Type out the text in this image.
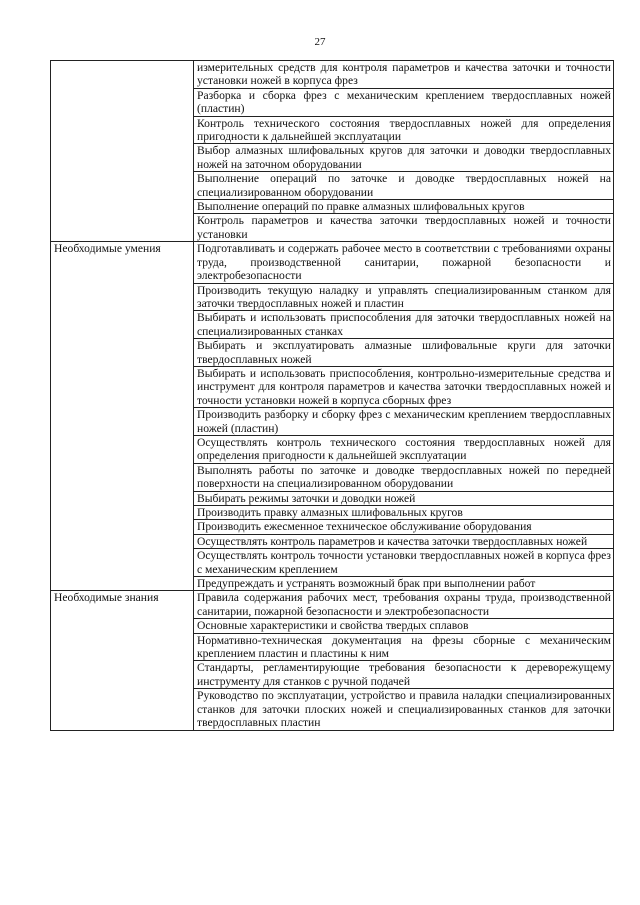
27
	измерительных средств для контроля параметров и качества заточки и точности установки ножей в корпуса фрез
	Разборка и сборка фрез с механическим креплением твердосплавных ножей (пластин)
	Контроль технического состояния твердосплавных ножей для определения пригодности к дальнейшей эксплуатации
	Выбор алмазных шлифовальных кругов для заточки и доводки твердосплавных ножей на заточном оборудовании
	Выполнение операций по заточке и доводке твердосплавных ножей на специализированном оборудовании
	Выполнение операций по правке алмазных шлифовальных кругов
	Контроль параметров и качества заточки твердосплавных ножей и точности установки
Необходимые умения	Подготавливать и содержать рабочее место в соответствии с требованиями охраны труда, производственной санитарии, пожарной безопасности и электробезопасности
	Производить текущую наладку и управлять специализированным станком для заточки твердосплавных ножей и пластин
	Выбирать и использовать приспособления для заточки твердосплавных ножей на специализированных станках
	Выбирать и эксплуатировать алмазные шлифовальные круги для заточки твердосплавных ножей
	Выбирать и использовать приспособления, контрольно-измерительные средства и инструмент для контроля параметров и качества заточки твердосплавных ножей и точности установки ножей в корпуса сборных фрез
	Производить разборку и сборку фрез с механическим креплением твердосплавных ножей (пластин)
	Осуществлять контроль технического состояния твердосплавных ножей для определения пригодности к дальнейшей эксплуатации
	Выполнять работы по заточке и доводке твердосплавных ножей по передней поверхности на специализированном оборудовании
	Выбирать режимы заточки и доводки ножей
	Производить правку алмазных шлифовальных кругов
	Производить ежесменное техническое обслуживание оборудования
	Осуществлять контроль параметров и качества заточки твердосплавных ножей
	Осуществлять контроль точности установки твердосплавных ножей в корпуса фрез с механическим креплением
	Предупреждать и устранять возможный брак при выполнении работ
Необходимые знания	Правила содержания рабочих мест, требования охраны труда, производственной санитарии, пожарной безопасности и электробезопасности
	Основные характеристики и свойства твердых сплавов
	Нормативно-техническая документация на фрезы сборные с механическим креплением пластин и пластины к ним
	Стандарты, регламентирующие требования безопасности к дереворежущему инструменту для станков с ручной подачей
	Руководство по эксплуатации, устройство и правила наладки специализированных станков для заточки плоских ножей и специализированных станков для заточки твердосплавных пластин
